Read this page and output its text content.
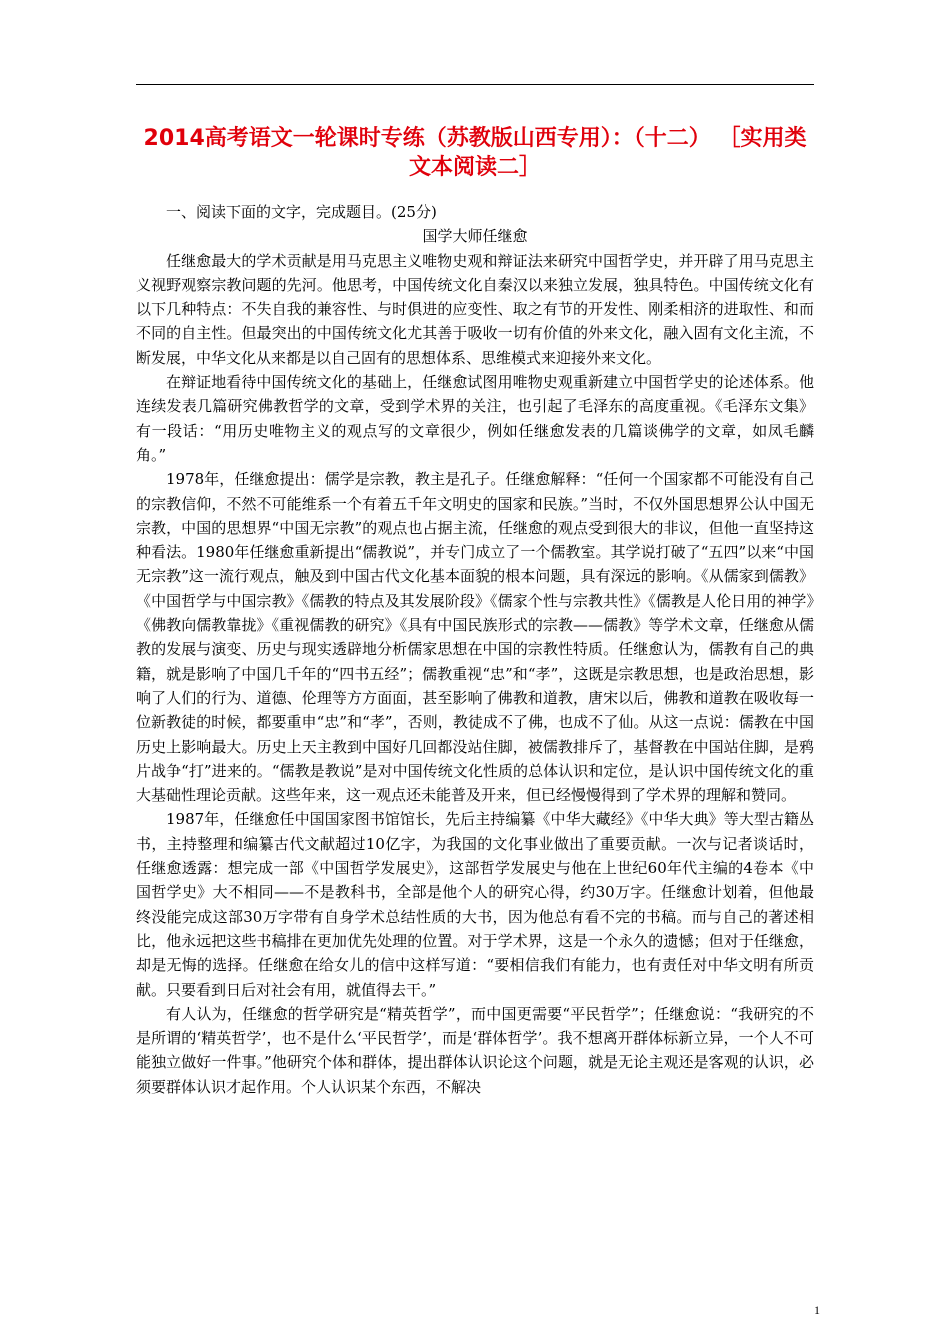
2014高考语文一轮课时专练（苏教版山西专用）：（十二） ［实用类文本阅读二］

一、阅读下面的文字，完成题目。(25分)

国学大师任继愈

任继愈最大的学术贡献是用马克思主义唯物史观和辩证法来研究中国哲学史，并开辟了用马克思主义视野观察宗教问题的先河。他思考，中国传统文化自秦汉以来独立发展，独具特色。中国传统文化有以下几种特点：不失自我的兼容性、与时俱进的应变性、取之有节的开发性、刚柔相济的进取性、和而不同的自主性。但最突出的中国传统文化尤其善于吸收一切有价值的外来文化，融入固有文化主流，不断发展，中华文化从来都是以自己固有的思想体系、思维模式来迎接外来文化。

在辩证地看待中国传统文化的基础上，任继愈试图用唯物史观重新建立中国哲学史的论述体系。他连续发表几篇研究佛教哲学的文章，受到学术界的关注，也引起了毛泽东的高度重视。《毛泽东文集》有一段话：“用历史唯物主义的观点写的文章很少，例如任继愈发表的几篇谈佛学的文章，如凤毛麟角。”

1978年，任继愈提出：儒学是宗教，教主是孔子。任继愈解释：“任何一个国家都不可能没有自己的宗教信仰，不然不可能维系一个有着五千年文明史的国家和民族。”当时，不仅外国思想界公认中国无宗教，中国的思想界“中国无宗教”的观点也占据主流，任继愈的观点受到很大的非议，但他一直坚持这种看法。1980年任继愈重新提出“儒教说”，并专门成立了一个儒教室。其学说打破了“五四”以来“中国无宗教”这一流行观点，触及到中国古代文化基本面貌的根本问题，具有深远的影响。《从儒家到儒教》《中国哲学与中国宗教》《儒教的特点及其发展阶段》《儒家个性与宗教共性》《儒教是人伦日用的神学》《佛教向儒教靠拢》《重视儒教的研究》《具有中国民族形式的宗教——儒教》等学术文章，任继愈从儒教的发展与演变、历史与现实透辟地分析儒家思想在中国的宗教性特质。任继愈认为，儒教有自己的典籍，就是影响了中国几千年的“四书五经”；儒教重视“忠”和“孝”，这既是宗教思想，也是政治思想，影响了人们的行为、道德、伦理等方方面面，甚至影响了佛教和道教，唐宋以后，佛教和道教在吸收每一位新教徒的时候，都要重申“忠”和“孝”，否则，教徒成不了佛，也成不了仙。从这一点说：儒教在中国历史上影响最大。历史上天主教到中国好几回都没站住脚，被儒教排斥了，基督教在中国站住脚，是鸦片战争“打”进来的。“儒教是教说”是对中国传统文化性质的总体认识和定位，是认识中国传统文化的重大基础性理论贡献。这些年来，这一观点还未能普及开来，但已经慢慢得到了学术界的理解和赞同。

1987年，任继愈任中国国家图书馆馆长，先后主持编纂《中华大藏经》《中华大典》等大型古籍丛书，主持整理和编纂古代文献超过10亿字，为我国的文化事业做出了重要贡献。一次与记者谈话时，任继愈透露：想完成一部《中国哲学发展史》，这部哲学发展史与他在上世纪60年代主编的4卷本《中国哲学史》大不相同——不是教科书，全部是他个人的研究心得，约30万字。任继愈计划着，但他最终没能完成这部30万字带有自身学术总结性质的大书，因为他总有看不完的书稿。而与自己的著述相比，他永远把这些书稿排在更加优先处理的位置。对于学术界，这是一个永久的遗憾；但对于任继愈，却是无悔的选择。任继愈在给女儿的信中这样写道：“要相信我们有能力，也有责任对中华文明有所贡献。只要看到日后对社会有用，就值得去干。”

有人认为，任继愈的哲学研究是“精英哲学”，而中国更需要“平民哲学”；任继愈说：“我研究的不是所谓的‘精英哲学’，也不是什么‘平民哲学’，而是‘群体哲学’。我不想离开群体标新立异，一个人不可能独立做好一件事。”他研究个体和群体，提出群体认识论这个问题，就是无论主观还是客观的认识，必须要群体认识才起作用。个人认识某个东西，不解决

1
